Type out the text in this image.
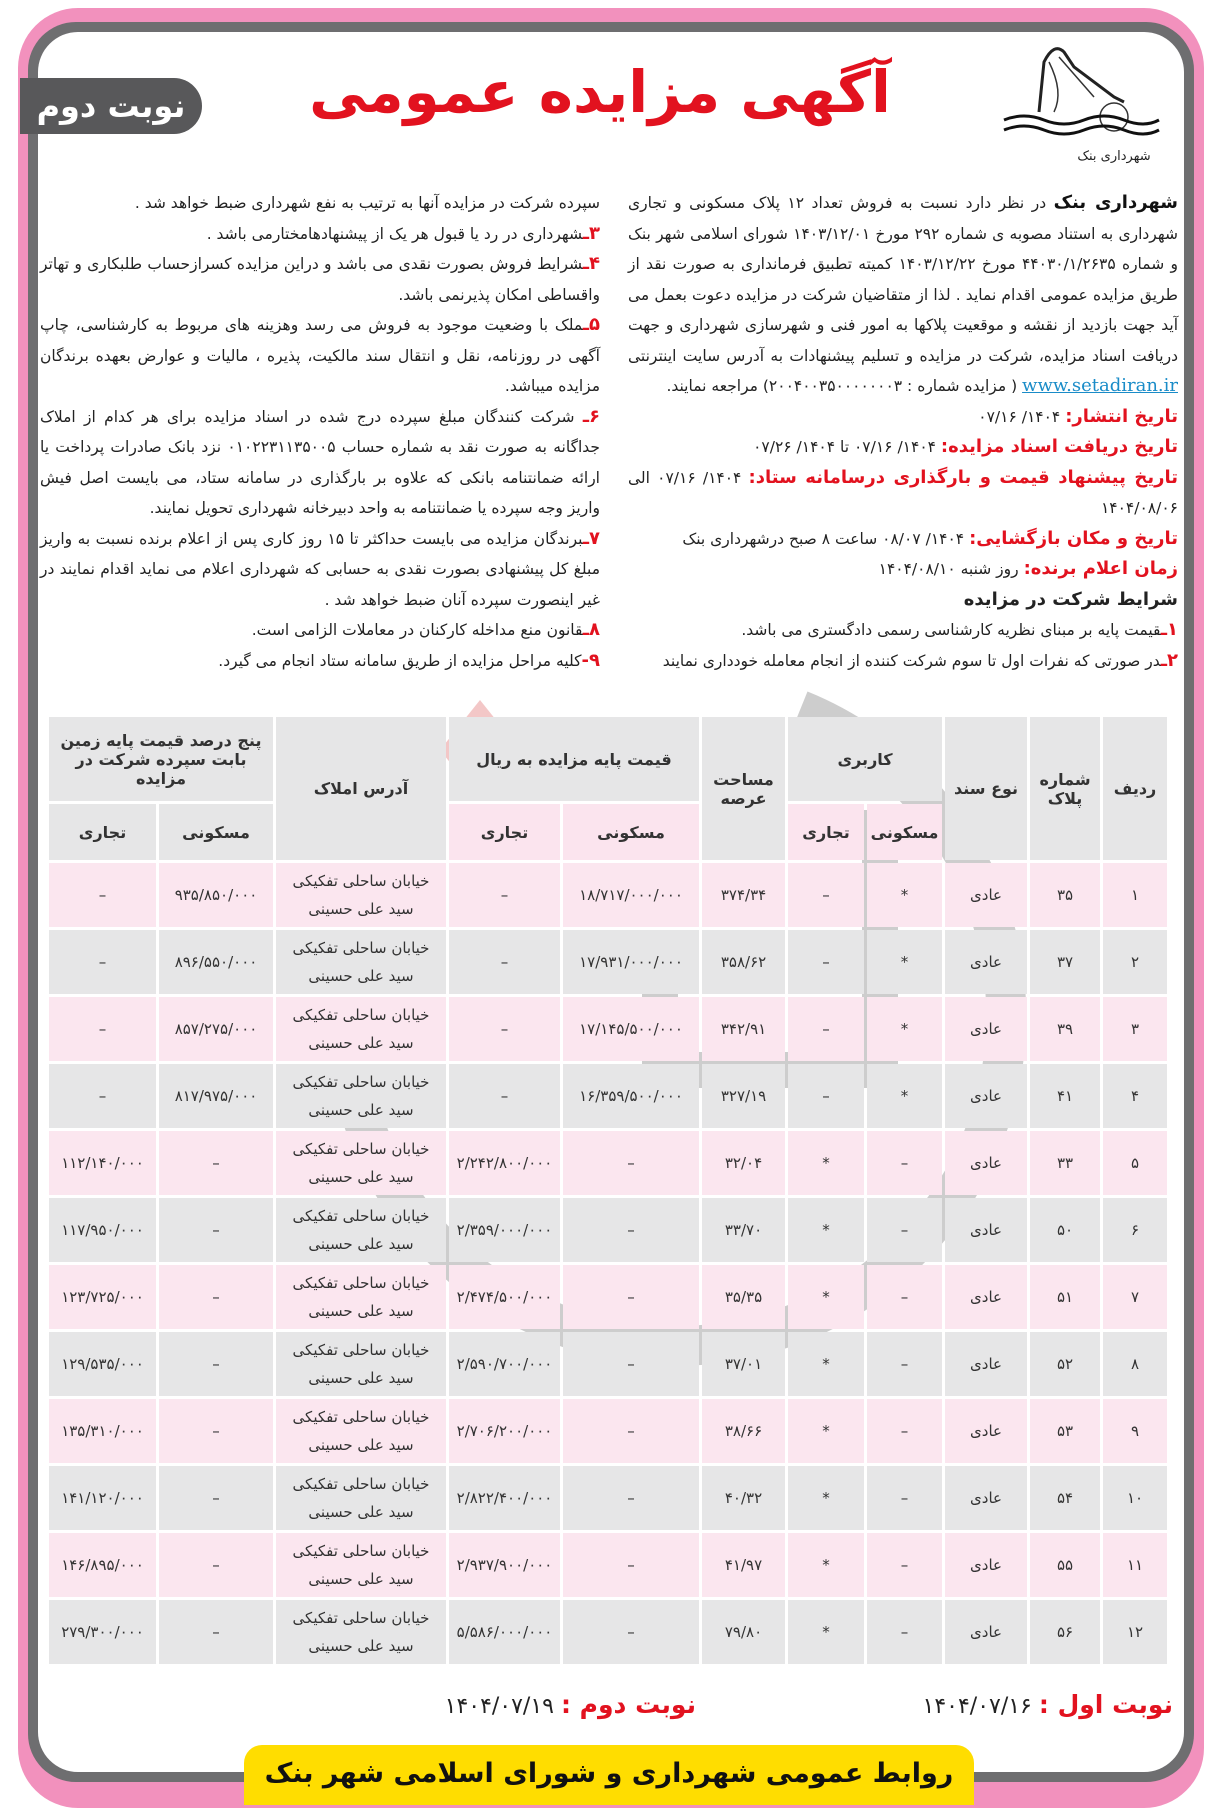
شهرداری بنک
آگهی مزایده عمومی
نوبت دوم

شهرداری بنک در نظر دارد نسبت به فروش تعداد ۱۲ پلاک مسکونی و تجاری شهرداری به استناد مصوبه ی شماره ۲۹۲ مورخ ۱۴۰۳/۱۲/۰۱ شورای اسلامی شهر بنک و شماره ۴۴۰۳۰/۱/۲۶۳۵ مورخ ۱۴۰۳/۱۲/۲۲ کمیته تطبیق فرمانداری به صورت نقد از طریق مزایده عمومی اقدام نماید . لذا از متقاضیان شرکت در مزایده دعوت بعمل می آید جهت بازدید از نقشه و موقعیت پلاکها به امور فنی و شهرسازی شهرداری و جهت دریافت اسناد مزایده، شرکت در مزایده و تسلیم پیشنهادات به آدرس سایت اینترنتی www.setadiran.ir ( مزایده شماره : ۲۰۰۴۰۰۳۵۰۰۰۰۰۰۰۳) مراجعه نمایند.

تاریخ انتشار: ۱۴۰۴/ ۰۷/۱۶

تاریخ دریافت اسناد مزایده: ۱۴۰۴/ ۰۷/۱۶ تا ۱۴۰۴/ ۰۷/۲۶

تاریخ پیشنهاد قیمت و بارگذاری درسامانه ستاد: ۱۴۰۴/ ۰۷/۱۶ الی ۱۴۰۴/۰۸/۰۶

تاریخ و مکان بازگشایی: ۱۴۰۴/ ۰۸/۰۷ ساعت ۸ صبح درشهرداری بنک

زمان اعلام برنده: روز شنبه ۱۴۰۴/۰۸/۱۰

شرایط شرکت در مزایده

۱ـقیمت پایه بر مبنای نظریه کارشناسی رسمی دادگستری می باشد.

۲ـدر صورتی که نفرات اول تا سوم شرکت کننده از انجام معامله خودداری نمایند

سپرده شرکت در مزایده آنها به ترتیب به نفع شهرداری ضبط خواهد شد .

۳ـشهرداری در رد یا قبول هر یک از پیشنهادهامختارمی باشد .

۴ـشرایط فروش بصورت نقدی می باشد و دراین مزایده کسرازحساب طلبکاری و تهاتر واقساطی امکان پذیرنمی باشد.

۵ـملک با وضعیت موجود به فروش می رسد وهزینه های مربوط به کارشناسی، چاپ آگهی در روزنامه، نقل و انتقال سند مالکیت، پذیره ، مالیات و عوارض بعهده برندگان مزایده میباشد.

۶ـ شرکت کنندگان مبلغ سپرده درج شده در اسناد مزایده برای هر کدام از املاک جداگانه به صورت نقد به شماره حساب ۰۱۰۲۲۳۱۱۳۵۰۰۵ نزد بانک صادرات پرداخت یا ارائه ضمانتنامه بانکی که علاوه بر بارگذاری در سامانه ستاد، می بایست اصل فیش واریز وجه سپرده یا ضمانتنامه به واحد دبیرخانه شهرداری تحویل نمایند.

۷ـبرندگان مزایده می بایست حداکثر تا ۱۵ روز کاری پس از اعلام برنده نسبت به واریز مبلغ کل پیشنهادی بصورت نقدی به حسابی که شهرداری اعلام می نماید اقدام نمایند در غیر اینصورت سپرده آنان ضبط خواهد شد .

۸ـقانون منع مداخله کارکنان در معاملات الزامی است.

۹-کلیه مراحل مزایده از طریق سامانه ستاد انجام می گیرد.

ردیف	شماره پلاک	نوع سند	کاربری		مساحت عرصه	قیمت پایه مزایده به ریال		آدرس املاک	پنج درصد قیمت پایه زمین بابت سپرده شرکت در مزایده	
			مسکونی	تجاری		مسکونی	تجاری		مسکونی	تجاری
۱	۳۵	عادی	*	–	۳۷۴/۳۴	۱۸/۷۱۷/۰۰۰/۰۰۰	–	خیابان ساحلی تفکیکی سید علی حسینی	۹۳۵/۸۵۰/۰۰۰	–
۲	۳۷	عادی	*	–	۳۵۸/۶۲	۱۷/۹۳۱/۰۰۰/۰۰۰	–	خیابان ساحلی تفکیکی سید علی حسینی	۸۹۶/۵۵۰/۰۰۰	–
۳	۳۹	عادی	*	–	۳۴۲/۹۱	۱۷/۱۴۵/۵۰۰/۰۰۰	–	خیابان ساحلی تفکیکی سید علی حسینی	۸۵۷/۲۷۵/۰۰۰	–
۴	۴۱	عادی	*	–	۳۲۷/۱۹	۱۶/۳۵۹/۵۰۰/۰۰۰	–	خیابان ساحلی تفکیکی سید علی حسینی	۸۱۷/۹۷۵/۰۰۰	–
۵	۳۳	عادی	–	*	۳۲/۰۴	–	۲/۲۴۲/۸۰۰/۰۰۰	خیابان ساحلی تفکیکی سید علی حسینی	–	۱۱۲/۱۴۰/۰۰۰
۶	۵۰	عادی	–	*	۳۳/۷۰	–	۲/۳۵۹/۰۰۰/۰۰۰	خیابان ساحلی تفکیکی سید علی حسینی	–	۱۱۷/۹۵۰/۰۰۰
۷	۵۱	عادی	–	*	۳۵/۳۵	–	۲/۴۷۴/۵۰۰/۰۰۰	خیابان ساحلی تفکیکی سید علی حسینی	–	۱۲۳/۷۲۵/۰۰۰
۸	۵۲	عادی	–	*	۳۷/۰۱	–	۲/۵۹۰/۷۰۰/۰۰۰	خیابان ساحلی تفکیکی سید علی حسینی	–	۱۲۹/۵۳۵/۰۰۰
۹	۵۳	عادی	–	*	۳۸/۶۶	–	۲/۷۰۶/۲۰۰/۰۰۰	خیابان ساحلی تفکیکی سید علی حسینی	–	۱۳۵/۳۱۰/۰۰۰
۱۰	۵۴	عادی	–	*	۴۰/۳۲	–	۲/۸۲۲/۴۰۰/۰۰۰	خیابان ساحلی تفکیکی سید علی حسینی	–	۱۴۱/۱۲۰/۰۰۰
۱۱	۵۵	عادی	–	*	۴۱/۹۷	–	۲/۹۳۷/۹۰۰/۰۰۰	خیابان ساحلی تفکیکی سید علی حسینی	–	۱۴۶/۸۹۵/۰۰۰
۱۲	۵۶	عادی	–	*	۷۹/۸۰	–	۵/۵۸۶/۰۰۰/۰۰۰	خیابان ساحلی تفکیکی سید علی حسینی	–	۲۷۹/۳۰۰/۰۰۰
نوبت اول : ۱۴۰۴/۰۷/۱۶
نوبت دوم : ۱۴۰۴/۰۷/۱۹
روابط عمومی شهرداری و شورای اسلامی شهر بنک
